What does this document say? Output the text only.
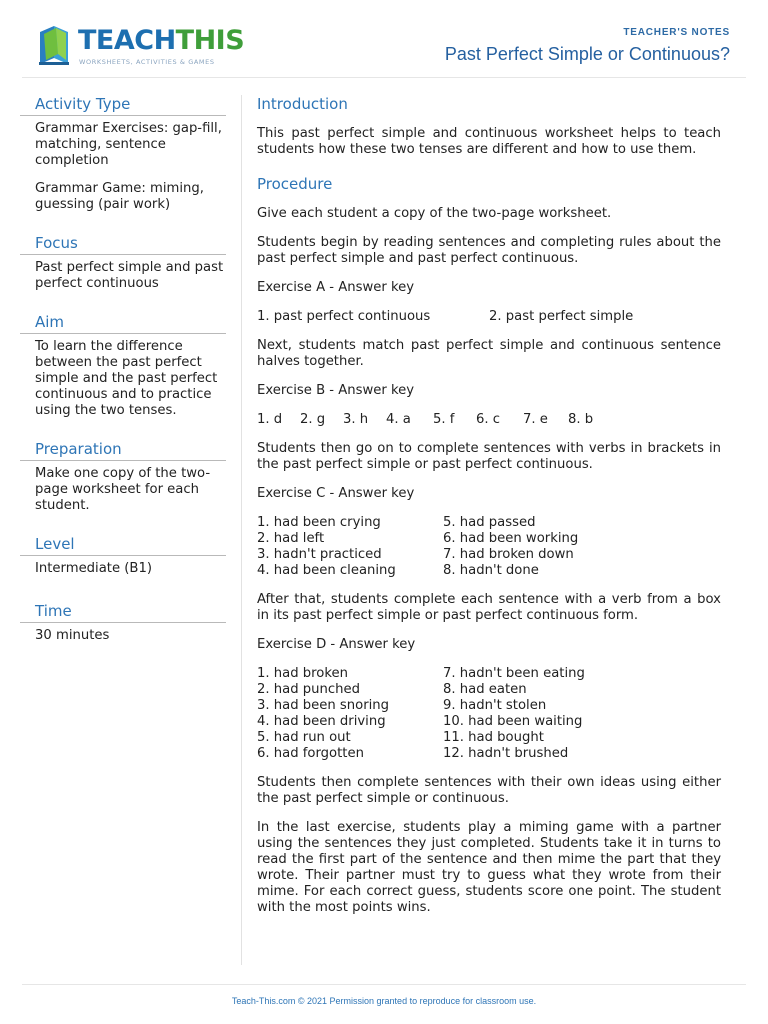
TEACHTHIS
WORKSHEETS, ACTIVITIES & GAMES
TEACHER'S NOTES
Past Perfect Simple or Continuous?
Activity Type

Grammar Exercises: gap-fill, matching, sentence completion

Grammar Game: miming, guessing (pair work)

Focus

Past perfect simple and past perfect continuous

Aim

To learn the difference between the past perfect simple and the past perfect continuous and to practice using the two tenses.

Preparation

Make one copy of the two-page worksheet for each student.

Level

Intermediate (B1)

Time

30 minutes

Introduction

This past perfect simple and continuous worksheet helps to teach students how these two tenses are different and how to use them.

Procedure

Give each student a copy of the two-page worksheet.

Students begin by reading sentences and completing rules about the past perfect simple and past perfect continuous.

Exercise A - Answer key

1. past perfect continuous	2. past perfect simple

Next, students match past perfect simple and continuous sentence halves together.

Exercise B - Answer key

1. d 2. g 3. h 4. a 5. f 6. c 7. e 8. b

Students then go on to complete sentences with verbs in brackets in the past perfect simple or past perfect continuous.

Exercise C - Answer key

1. had been crying
2. had left
3. hadn't practiced
4. had been cleaning
5. had passed
6. had been working
7. had broken down
8. hadn't done

After that, students complete each sentence with a verb from a box in its past perfect simple or past perfect continuous form.

Exercise D - Answer key

1. had broken
2. had punched
3. had been snoring
4. had been driving
5. had run out
6. had forgotten
7. hadn't been eating
8. had eaten
9. hadn't stolen
10. had been waiting
11. had bought
12. hadn't brushed

Students then complete sentences with their own ideas using either the past perfect simple or continuous.

In the last exercise, students play a miming game with a partner using the sentences they just completed. Students take it in turns to read the first part of the sentence and then mime the part that they wrote. Their partner must try to guess what they wrote from their mime. For each correct guess, students score one point. The student with the most points wins.

Teach-This.com © 2021 Permission granted to reproduce for classroom use.
